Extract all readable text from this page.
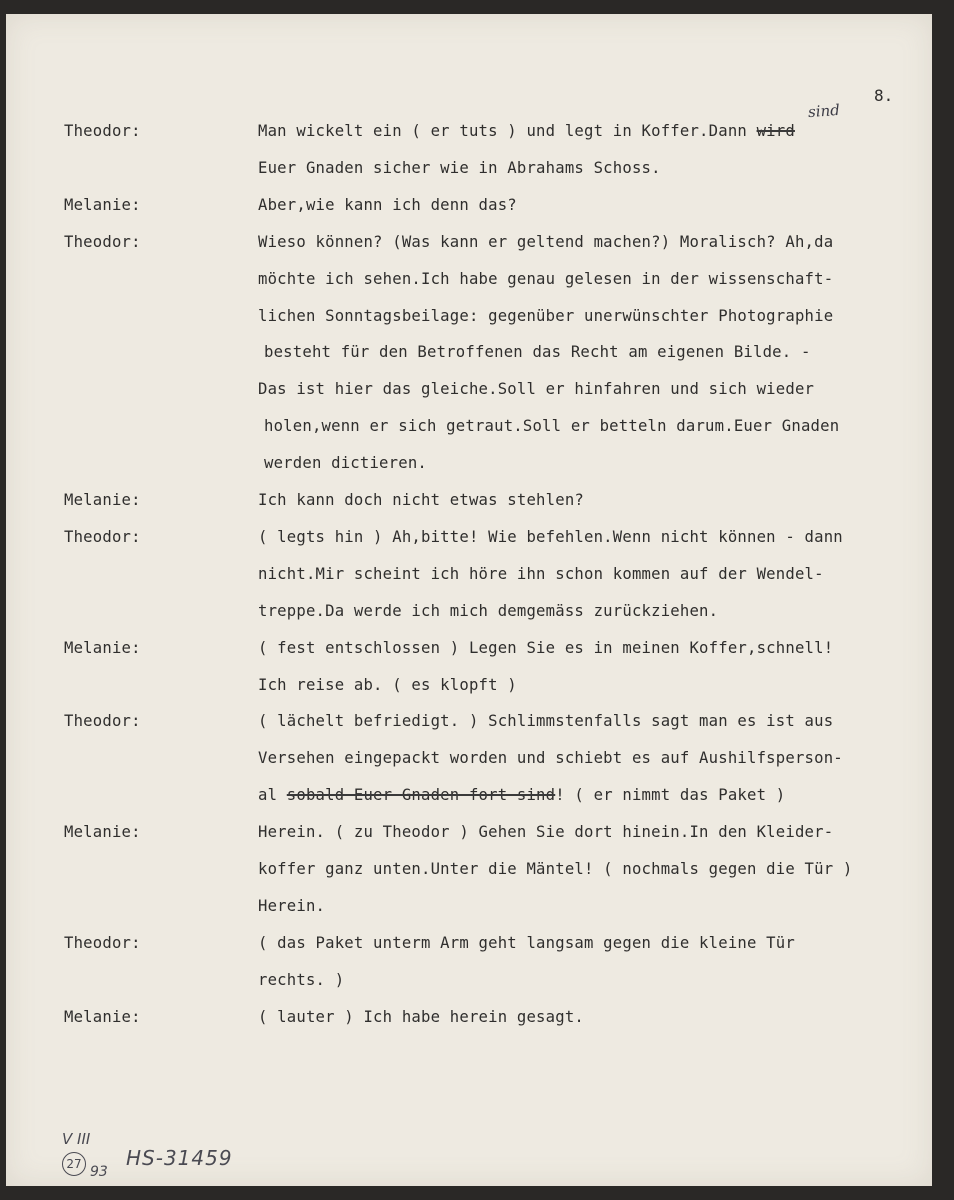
8.
sind
Theodor:	Man wickelt ein ( er tuts ) und legt in Koffer.Dann wird
Euer Gnaden sicher wie in Abrahams Schoss.
Melanie:	Aber,wie kann ich denn das?
Theodor:	Wieso können? (Was kann er geltend machen?) Moralisch? Ah,da
möchte ich sehen.Ich habe genau gelesen in der wissenschaft-
lichen Sonntagsbeilage: gegenüber unerwünschter Photographie
besteht für den Betroffenen das Recht am eigenen Bilde. -
Das ist hier das gleiche.Soll er hinfahren und sich wieder
holen,wenn er sich getraut.Soll er betteln darum.Euer Gnaden
werden dictieren.
Melanie:	Ich kann doch nicht etwas stehlen?
Theodor:	( legts hin ) Ah,bitte! Wie befehlen.Wenn nicht können - dann
nicht.Mir scheint ich höre ihn schon kommen auf der Wendel-
treppe.Da werde ich mich demgemäss zurückziehen.
Melanie:	( fest entschlossen ) Legen Sie es in meinen Koffer,schnell!
Ich reise ab. ( es klopft )
Theodor:	( lächelt befriedigt. ) Schlimmstenfalls sagt man es ist aus
Versehen eingepackt worden und schiebt es auf Aushilfsperson-
al sobald Euer Gnaden fort sind! ( er nimmt das Paket )
Melanie:	Herein. ( zu Theodor ) Gehen Sie dort hinein.In den Kleider-
koffer ganz unten.Unter die Mäntel! ( nochmals gegen die Tür )
Herein.
Theodor:	( das Paket unterm Arm geht langsam gegen die kleine Tür
rechts. )
Melanie:	( lauter ) Ich habe herein gesagt.
V III
27 93
HS-31459
